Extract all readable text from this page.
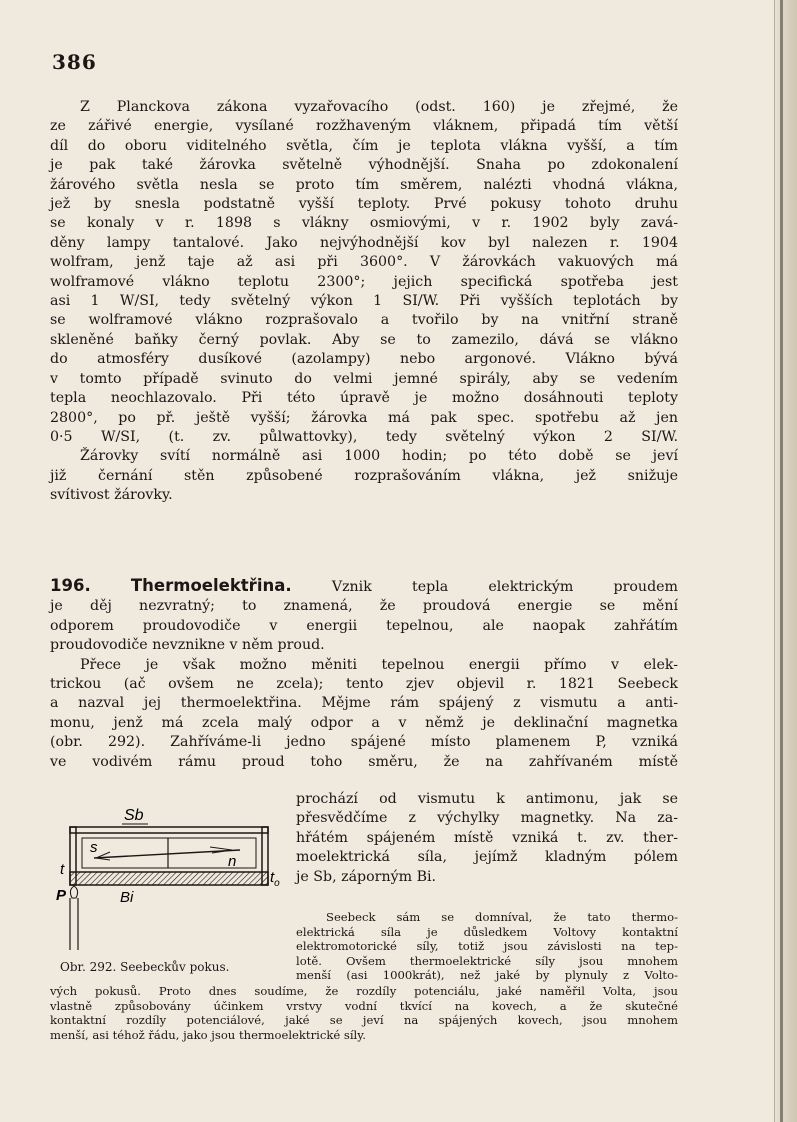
386
Z Planckova zákona vyzařovacího (odst. 160) je zřejmé, že
ze zářivé energie, vysílané rozžhaveným vláknem, připadá tím větší
díl do oboru viditelného světla, čím je teplota vlákna vyšší, a tím
je pak také žárovka světelně výhodnější. Snaha po zdokonalení
žárového světla nesla se proto tím směrem, nalézti vhodná vlákna,
jež by snesla podstatně vyšší teploty. Prvé pokusy tohoto druhu
se konaly v r. 1898 s vlákny osmiovými, v r. 1902 byly zavá-
děny lampy tantalové. Jako nejvýhodnější kov byl nalezen r. 1904
wolfram, jenž taje až asi při 3600°. V žárovkách vakuových má
wolframové vlákno teplotu 2300°; jejich specifická spotřeba jest
asi 1 W/SI, tedy světelný výkon 1 SI/W. Při vyšších teplotách by
se wolframové vlákno rozprašovalo a tvořilo by na vnitřní straně
skleněné baňky černý povlak. Aby se to zamezilo, dává se vlákno
do atmosféry dusíkové (azolampy) nebo argonové. Vlákno bývá
v tomto případě svinuto do velmi jemné spirály, aby se vedením
tepla neochlazovalo. Při této úpravě je možno dosáhnouti teploty
2800°, po př. ještě vyšší; žárovka má pak spec. spotřebu až jen
0·5 W/SI, (t. zv. půlwattovky), tedy světelný výkon 2 SI/W.
Žárovky svítí normálně asi 1000 hodin; po této době se jeví
již černání stěn způsobené rozprašováním vlákna, jež snižuje
svítivost žárovky.
196. Thermoelektřina.	Vznik tepla elektrickým proudem
je děj nezvratný; to znamená, že proudová energie se mění
odporem proudovodiče v energii tepelnou, ale naopak zahřátím
proudovodiče nevznikne v něm proud.
Přece je však možno měniti tepelnou energii přímo v elek-
trickou (ač ovšem ne zcela); tento zjev objevil r. 1821 Seebeck
a nazval jej thermoelektřina. Mějme rám spájený z vismutu a anti-
monu, jenž má zcela malý odpor a v němž je deklinační magnetka
(obr. 292). Zahříváme-li jedno spájené místo plamenem P, vzniká
ve vodivém rámu proud toho směru, že na zahřívaném místě
prochází od vismutu k antimonu, jak se
přesvědčíme z výchylky magnetky. Na za-
hřátém spájeném místě vzniká t. zv. ther-
moelektrická síla, jejímž kladným pólem
je Sb, záporným Bi.
Sb
s
n
t	$t_o$
P	Bi
Obr. 292. Seebeckův pokus.
Seebeck sám se domníval, že tato thermo-
elektrická síla je důsledkem Voltovy kontaktní
elektromotorické síly, totiž jsou závislosti na tep-
lotě. Ovšem thermoelektrické síly jsou mnohem
menší (asi 1000krát), než jaké by plynuly z Volto-
vých pokusů. Proto dnes soudíme, že rozdíly potenciálu, jaké naměřil Volta, jsou
vlastně způsobovány účinkem vrstvy vodní tkvící na kovech, a že skutečné
kontaktní rozdíly potenciálové, jaké se jeví na spájených kovech, jsou mnohem
menší, asi téhož řádu, jako jsou thermoelektrické síly.
